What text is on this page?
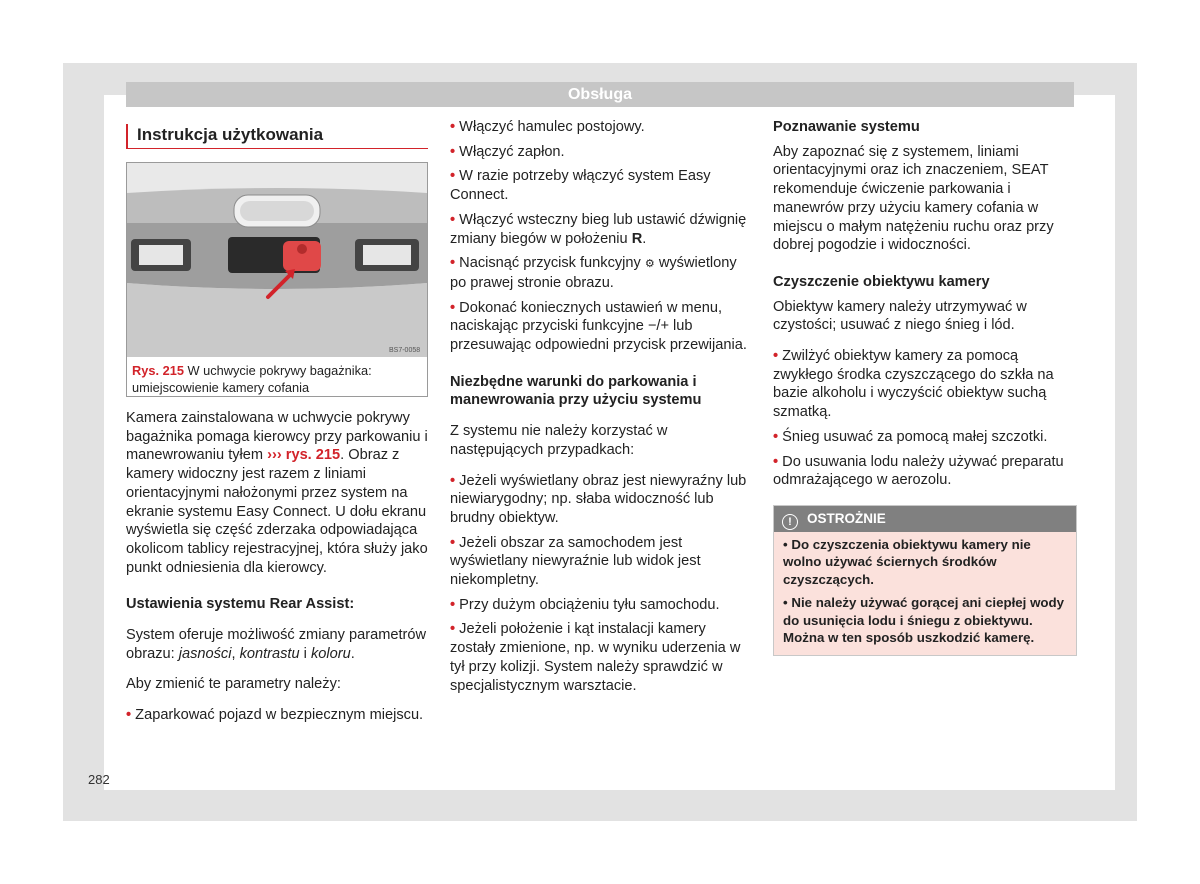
Obsługa
Instrukcja użytkowania
BS7-0058
Rys. 215 W uchwycie pokrywy bagażnika: umiejscowienie kamery cofania

Kamera zainstalowana w uchwycie pokrywy bagażnika pomaga kierowcy przy parkowaniu i manewrowaniu tyłem ››› rys. 215. Obraz z kamery widoczny jest razem z liniami orientacyjnymi nałożonymi przez system na ekranie systemu Easy Connect. U dołu ekranu wyświetla się część zderzaka odpowiadająca okolicom tablicy rejestracyjnej, która służy jako punkt odniesienia dla kierowcy.

Ustawienia systemu Rear Assist:

System oferuje możliwość zmiany parametrów obrazu: jasności, kontrastu i koloru.

Aby zmienić te parametry należy:

• Zaparkować pojazd w bezpiecznym miejscu.

• Włączyć hamulec postojowy.

• Włączyć zapłon.

• W razie potrzeby włączyć system Easy Connect.

• Włączyć wsteczny bieg lub ustawić dźwignię zmiany biegów w położeniu R.

• Nacisnąć przycisk funkcyjny ⚙ wyświetlony po prawej stronie obrazu.

• Dokonać koniecznych ustawień w menu, naciskając przyciski funkcyjne −/+ lub przesuwając odpowiedni przycisk przewijania.

Niezbędne warunki do parkowania i manewrowania przy użyciu systemu

Z systemu nie należy korzystać w następujących przypadkach:

• Jeżeli wyświetlany obraz jest niewyraźny lub niewiarygodny; np. słaba widoczność lub brudny obiektyw.

• Jeżeli obszar za samochodem jest wyświetlany niewyraźnie lub widok jest niekompletny.

• Przy dużym obciążeniu tyłu samochodu.

• Jeżeli położenie i kąt instalacji kamery zostały zmienione, np. w wyniku uderzenia w tył przy kolizji. System należy sprawdzić w specjalistycznym warsztacie.

Poznawanie systemu

Aby zapoznać się z systemem, liniami orientacyjnymi oraz ich znaczeniem, SEAT rekomenduje ćwiczenie parkowania i manewrów przy użyciu kamery cofania w miejscu o małym natężeniu ruchu oraz przy dobrej pogodzie i widoczności.

Czyszczenie obiektywu kamery

Obiektyw kamery należy utrzymywać w czystości; usuwać z niego śnieg i lód.

• Zwilżyć obiektyw kamery za pomocą zwykłego środka czyszczącego do szkła na bazie alkoholu i wyczyścić obiektyw suchą szmatką.

• Śnieg usuwać za pomocą małej szczotki.

• Do usuwania lodu należy używać preparatu odmrażającego w aerozolu.

! OSTROŻNIE

• Do czyszczenia obiektywu kamery nie wolno używać ściernych środków czyszczących.

• Nie należy używać gorącej ani ciepłej wody do usunięcia lodu i śniegu z obiektywu. Można w ten sposób uszkodzić kamerę.

282
